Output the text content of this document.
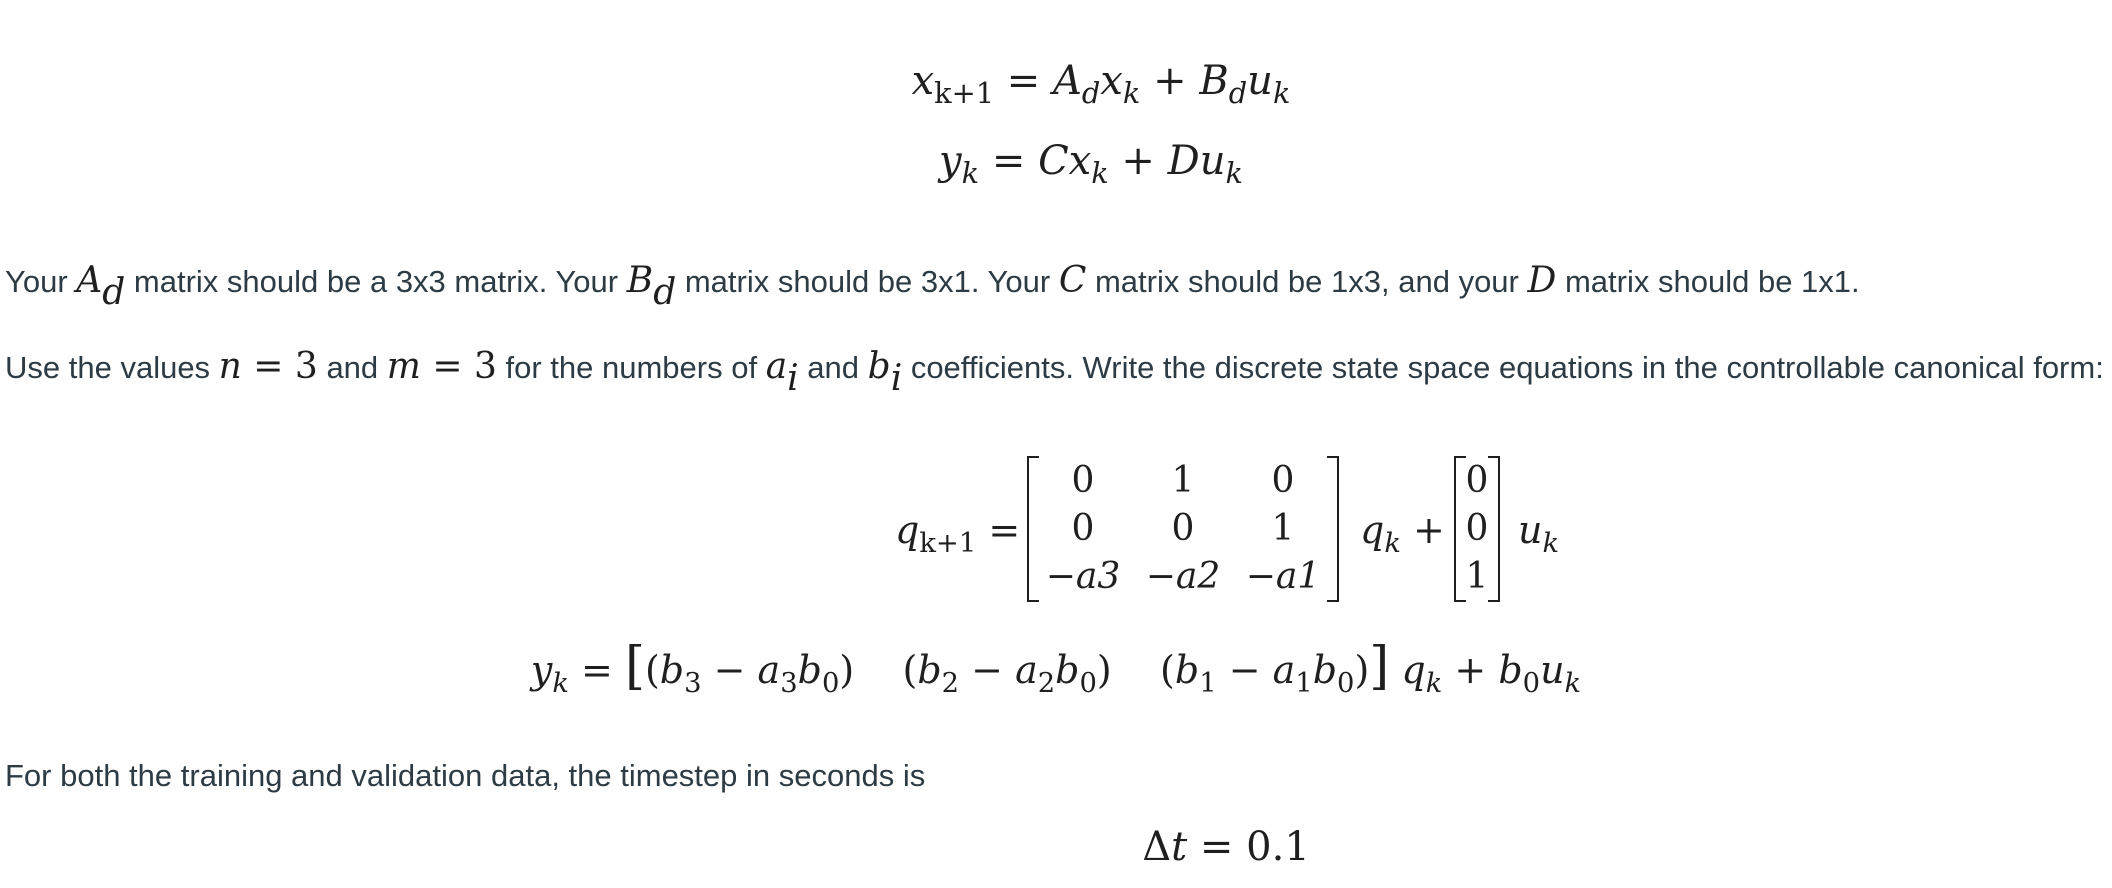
$x_{k+1} = A_dx_k + B_du_k$
$y_k = Cx_k + Du_k$
Your Ad matrix should be a 3x3 matrix. Your Bd matrix should be 3x1. Your C matrix should be 1x3, and your D matrix should be 1x1.
Use the values n = 3 and m = 3 for the numbers of ai and bi coefficients. Write the discrete state space equations in the controllable canonical form:
$q_{k+1}$ =
0	1	0
0	0	1
−a3 −a2 −a1
$q_k$ +
0
0
1
$u_k$
$y_k = [(b_3 - a_3b_0)$    $(b_2 - a_2b_0)$    $(b_1 - a_1b_0)$] $q_k + b_0u_k$
For both the training and validation data, the timestep in seconds is
Δt = 0.1
